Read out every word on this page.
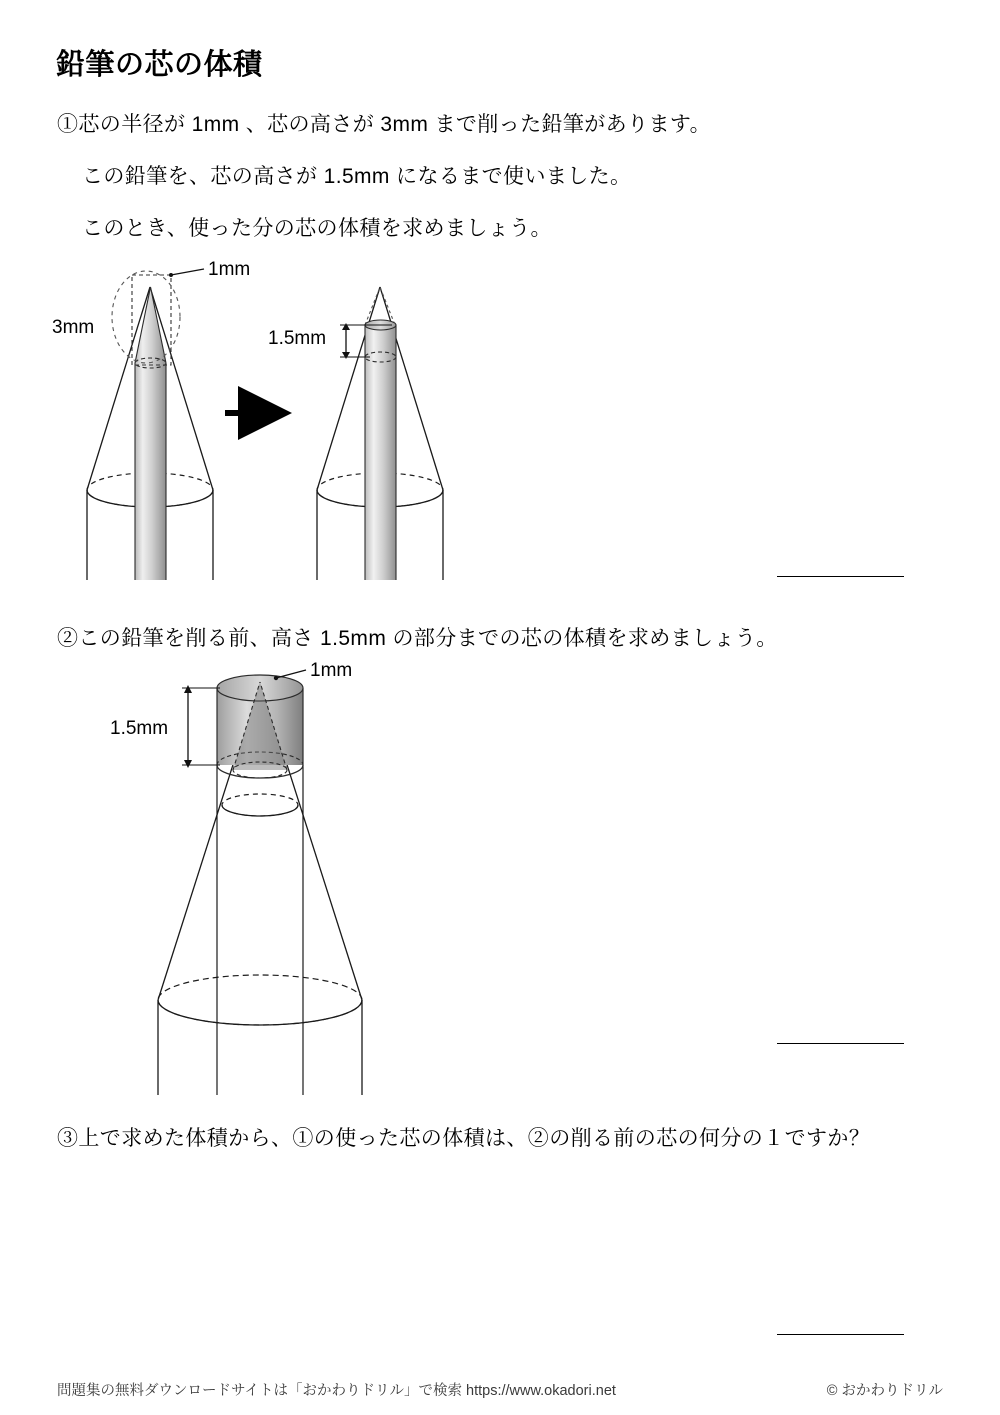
鉛筆の芯の体積
①芯の半径が 1mm 、芯の高さが 3mm まで削った鉛筆があります。
この鉛筆を、芯の高さが 1.5mm になるまで使いました。
このとき、使った分の芯の体積を求めましょう。
1mm
3mm
1.5mm
②この鉛筆を削る前、高さ 1.5mm の部分までの芯の体積を求めましょう。
1mm
1.5mm
③上で求めた体積から、①の使った芯の体積は、②の削る前の芯の何分の１ですか？
問題集の無料ダウンロードサイトは「おかわりドリル」で検索 https://www.okadori.net	© おかわりドリル
